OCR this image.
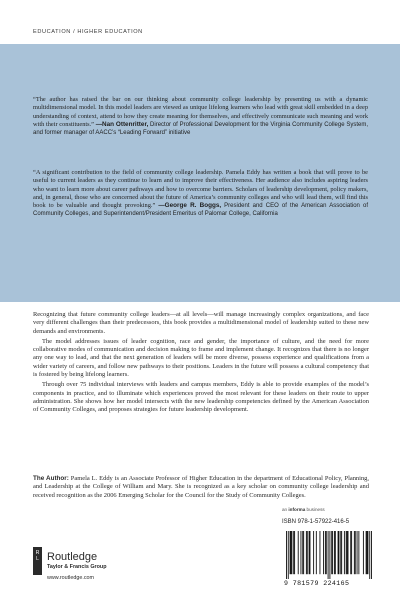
EDUCATION / HIGHER EDUCATION
“The author has raised the bar on our thinking about community college leadership by presenting us with a dynamic multidimensional model. In this model leaders are viewed as unique lifelong learners who lead with great skill embedded in a deep understanding of context, attend to how they create meaning for themselves, and effectively communicate such meaning and work with their constituents.” —Nan Ottenritter, Director of Professional Development for the Virginia Community College System, and former manager of AACC’s “Leading Forward” initiative
“A significant contribution to the field of community college leadership. Pamela Eddy has written a book that will prove to be useful to current leaders as they continue to learn and to improve their effectiveness. Her audience also includes aspiring leaders who want to learn more about career pathways and how to overcome barriers. Scholars of leadership development, policy makers, and, in general, those who are concerned about the future of America’s community colleges and who will lead them, will find this book to be valuable and thought provoking.” —George R. Boggs, President and CEO of the American Association of Community Colleges, and Superintendent/President Emeritus of Palomar College, California

Recognizing that future community college leaders—at all levels—will manage increasingly complex organizations, and face very different challenges than their predecessors, this book provides a multidimensional model of leadership suited to these new demands and environments.

The model addresses issues of leader cognition, race and gender, the importance of culture, and the need for more collaborative modes of communication and decision making to frame and implement change. It recognizes that there is no longer any one way to lead, and that the next generation of leaders will be more diverse, possess experience and qualifications from a wider variety of careers, and follow new pathways to their positions. Leaders in the future will possess a cultural competency that is fostered by being lifelong learners.

Through over 75 individual interviews with leaders and campus members, Eddy is able to provide examples of the model’s components in practice, and to illuminate which experiences proved the most relevant for these leaders on their route to upper administration. She shows how her model intersects with the new leadership competencies defined by the American Association of Community Colleges, and proposes strategies for future leadership development.

The Author: Pamela L. Eddy is an Associate Professor of Higher Education in the department of Educational Policy, Planning, and Leadership at the College of William and Mary. She is recognized as a key scholar on community college leadership and received recognition as the 2006 Emerging Scholar for the Council for the Study of Community Colleges.
R
L Routledge
Taylor & Francis Group
www.routledge.com
an informa business
ISBN 978-1-57922-416-5
9 781579 224165
